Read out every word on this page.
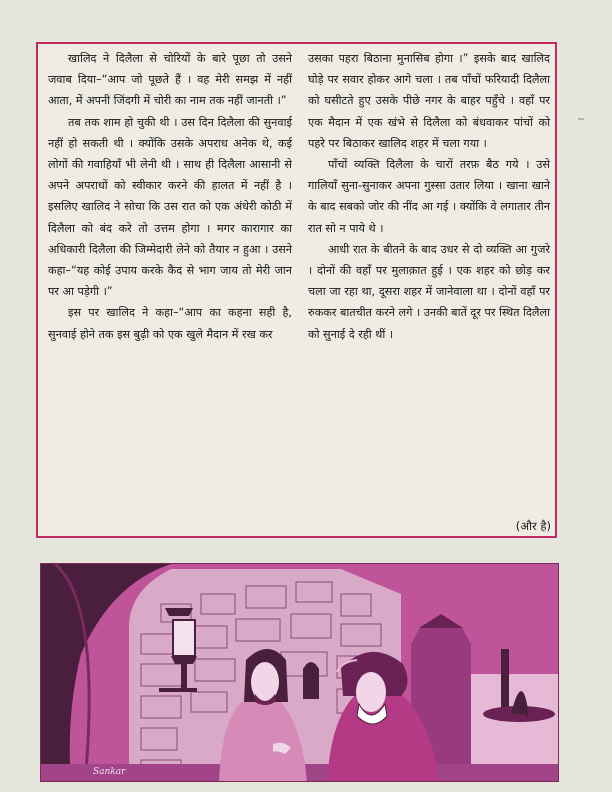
खालिद ने दिलैला से चोरियों के बारे पूछा तो उसने जवाब दिया–“आप जो पूछते हैं । वह मेरी समझ में नहीं आता, में अपनी जिंदगी में चोरी का नाम तक नहीं जानती ।”

तब तक शाम हो चुकी थी । उस दिन दिलैला की सुनवाई नहीं हो सकती थी । क्योंकि उसके अपराध अनेक थे, कई लोगों की गवाहियाँ भी लेनी थी । साथ ही दिलैला आसानी से अपने अपराधों को स्वीकार करने की हालत में नहीं है । इसलिए खालिद ने सोचा कि उस रात को एक अंधेरी कोठी में दिलैला को बंद करे तो उत्तम होगा । मगर कारागार का अधिकारी दिलैला की जिम्मेदारी लेने को तैयार न हुआ । उसने कहा–“यह कोई उपाय करके कैद से भाग जाय तो मेरी जान पर आ पड़ेगी ।”

इस पर खालिद ने कहा–“आप का कहना सही है, सुनवाई होने तक इस बुढ़ी को एक खुले मैदान में रख कर

उसका पहरा बिठाना मुनासिब होगा ।” इसके बाद खालिद घोड़े पर सवार होकर आगे चला । तब पाँचों फरियादी दिलैला को घसीटते हुए उसके पीछे नगर के बाहर पहुँचे । वहाँ पर एक मैदान में एक खंभे से दिलैला को बंधवाकर पांचों को पहरे पर बिठाकर खालिद शहर में चला गया ।

पाँचों व्यक्ति दिलैला के चारों तरफ़ बैठ गये । उसे गालियाँ सुना-सुनाकर अपना गुस्सा उतार लिया । खाना खाने के बाद सबको जोर की नींद आ गई । क्योंकि वे लगातार तीन रात सो न पाये थे ।

आधी रात के बीतने के बाद उधर से दो व्यक्ति आ गुजरे । दोनों की वहाँ पर मुलाक़ात हुई । एक शहर को छोड़ कर चला जा रहा था, दूसरा शहर में जानेवाला था । दोनों वहाँ पर रुककर बातचीत करने लगे । उनकी बातें दूर पर स्थित दिलैला को सुनाई दे रही थीं ।

(और है)
Sankar
